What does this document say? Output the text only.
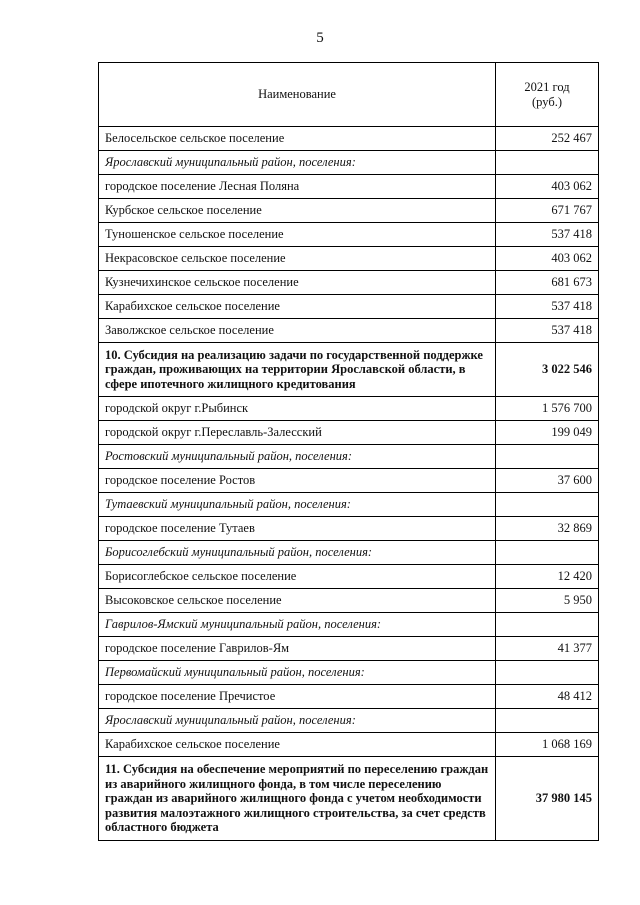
5
Наименование	2021 год
(руб.)
Белосельское сельское поселение	252 467
Ярославский муниципальный район, поселения:	
городское поселение Лесная Поляна	403 062
Курбское сельское поселение	671 767
Туношенское сельское поселение	537 418
Некрасовское сельское поселение	403 062
Кузнечихинское сельское поселение	681 673
Карабихское сельское поселение	537 418
Заволжское сельское поселение	537 418
10. Субсидия на реализацию задачи по государственной поддержке граждан, проживающих на территории Ярославской области, в сфере ипотечного жилищного кредитования	3 022 546
городской округ г.Рыбинск	1 576 700
городской округ г.Переславль-Залесский	199 049
Ростовский муниципальный район, поселения:	
городское поселение Ростов	37 600
Тутаевский муниципальный район, поселения:	
городское поселение Тутаев	32 869
Борисоглебский муниципальный район, поселения:	
Борисоглебское сельское поселение	12 420
Высоковское сельское поселение	5 950
Гаврилов-Ямский муниципальный район, поселения:	
городское поселение Гаврилов-Ям	41 377
Первомайский муниципальный район, поселения:	
городское поселение Пречистое	48 412
Ярославский муниципальный район, поселения:	
Карабихское сельское поселение	1 068 169
11. Субсидия на обеспечение мероприятий по переселению граждан из аварийного жилищного фонда, в том числе переселению граждан из аварийного жилищного фонда с учетом необходимости развития малоэтажного жилищного строительства, за счет средств областного бюджета	37 980 145
